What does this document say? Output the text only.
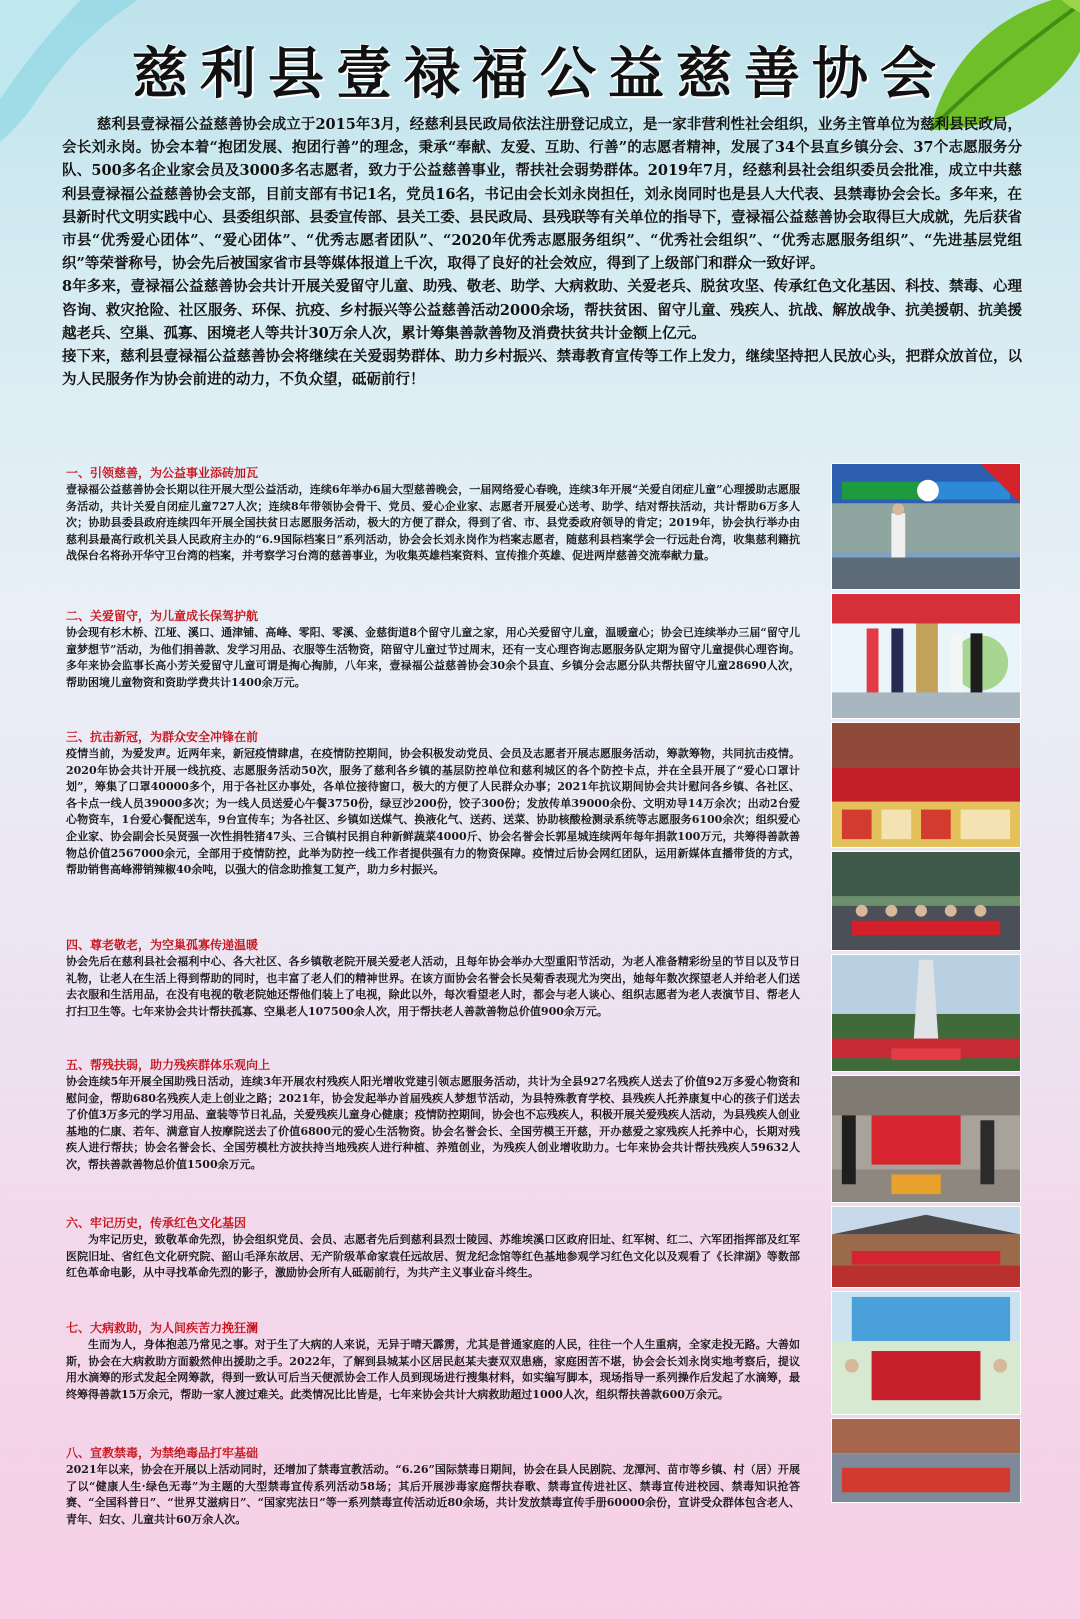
慈利县壹禄福公益慈善协会

慈利县壹禄福公益慈善协会成立于2015年3月，经慈利县民政局依法注册登记成立，是一家非营利性社会组织，业务主管单位为慈利县民政局，会长刘永岗。协会本着“抱团发展、抱团行善”的理念，秉承“奉献、友爱、互助、行善”的志愿者精神，发展了34个县直乡镇分会、37个志愿服务分队、500多名企业家会员及3000多名志愿者，致力于公益慈善事业，帮扶社会弱势群体。2019年7月，经慈利县社会组织委员会批准，成立中共慈利县壹禄福公益慈善协会支部，目前支部有书记1名，党员16名，书记由会长刘永岗担任，刘永岗同时也是县人大代表、县禁毒协会会长。多年来，在县新时代文明实践中心、县委组织部、县委宣传部、县关工委、县民政局、县残联等有关单位的指导下，壹禄福公益慈善协会取得巨大成就，先后获省市县“优秀爱心团体”、“爱心团体”、“优秀志愿者团队”、“2020年优秀志愿服务组织”、“优秀社会组织”、“优秀志愿服务组织”、“先进基层党组织”等荣誉称号，协会先后被国家省市县等媒体报道上千次，取得了良好的社会效应，得到了上级部门和群众一致好评。

8年多来，壹禄福公益慈善协会共计开展关爱留守儿童、助残、敬老、助学、大病救助、关爱老兵、脱贫攻坚、传承红色文化基因、科技、禁毒、心理咨询、救灾抢险、社区服务、环保、抗疫、乡村振兴等公益慈善活动2000余场，帮扶贫困、留守儿童、残疾人、抗战、解放战争、抗美援朝、抗美援越老兵、空巢、孤寡、困境老人等共计30万余人次，累计筹集善款善物及消费扶贫共计金额上亿元。

接下来，慈利县壹禄福公益慈善协会将继续在关爱弱势群体、助力乡村振兴、禁毒教育宣传等工作上发力，继续坚持把人民放心头，把群众放首位，以为人民服务作为协会前进的动力，不负众望，砥砺前行！

一、引领慈善，为公益事业添砖加瓦

壹禄福公益慈善协会长期以往开展大型公益活动，连续6年举办6届大型慈善晚会，一届网络爱心春晚，连续3年开展“关爱自闭症儿童”心理援助志愿服务活动，共计关爱自闭症儿童727人次；连续8年带领协会骨干、党员、爱心企业家、志愿者开展爱心送考、助学、结对帮扶活动，共计帮助6万多人次；协助县委县政府连续四年开展全国扶贫日志愿服务活动，极大的方便了群众，得到了省、市、县党委政府领导的肯定；2019年，协会执行举办由慈利县最高行政机关县人民政府主办的“6.9国际档案日”系列活动，协会会长刘永岗作为档案志愿者，随慈利县档案学会一行远赴台湾，收集慈利籍抗战保台名将孙开华守卫台湾的档案，并考察学习台湾的慈善事业，为收集英雄档案资料、宣传推介英雄、促进两岸慈善交流奉献力量。

二、关爱留守，为儿童成长保驾护航

协会现有杉木桥、江垭、溪口、通津铺、高峰、零阳、零溪、金慈街道8个留守儿童之家，用心关爱留守儿童，温暖童心；协会已连续举办三届“留守儿童梦想节”活动，为他们捐善款、发学习用品、衣服等生活物资，陪留守儿童过节过周末，还有一支心理咨询志愿服务队定期为留守儿童提供心理咨询。多年来协会监事长高小芳关爱留守儿童可谓是掏心掏肺，八年来，壹禄福公益慈善协会30余个县直、乡镇分会志愿分队共帮扶留守儿童28690人次，帮助困境儿童物资和资助学费共计1400余万元。

三、抗击新冠，为群众安全冲锋在前

疫情当前，为爱发声。近两年来，新冠疫情肆虐，在疫情防控期间，协会积极发动党员、会员及志愿者开展志愿服务活动，筹款筹物，共同抗击疫情。2020年协会共计开展一线抗疫、志愿服务活动50次，服务了慈利各乡镇的基层防控单位和慈利城区的各个防控卡点，并在全县开展了“爱心口罩计划”，筹集了口罩40000多个，用于各社区办事处，各单位接待窗口，极大的方便了人民群众办事；2021年抗议期间协会共计慰问各乡镇、各社区、各卡点一线人员39000多次；为一线人员送爱心午餐3750份，绿豆沙200份，饺子300份；发放传单39000余份、文明劝导14万余次；出动2台爱心物资车，1台爱心餐配送车，9台宣传车；为各社区、乡镇如送煤气、换液化气、送药、送菜、协助核酸检测录系统等志愿服务6100余次；组织爱心企业家、协会副会长吴贤强一次性捐牲猪47头、三合镇村民捐自种新鲜蔬菜4000斤、协会名誉会长郭星城连续两年每年捐款100万元，共筹得善款善物总价值2567000余元，全部用于疫情防控，此举为防控一线工作者提供强有力的物资保障。疫情过后协会网红团队，运用新媒体直播带货的方式，帮助销售高峰滞销辣椒40余吨，以强大的信念助推复工复产，助力乡村振兴。

四、尊老敬老，为空巢孤寡传递温暖

协会先后在慈利县社会福利中心、各大社区、各乡镇敬老院开展关爱老人活动，且每年协会举办大型重阳节活动，为老人准备精彩纷呈的节目以及节日礼物，让老人在生活上得到帮助的同时，也丰富了老人们的精神世界。在该方面协会名誉会长吴菊香表现尤为突出，她每年数次探望老人并给老人们送去衣服和生活用品，在没有电视的敬老院她还帮他们装上了电视，除此以外，每次看望老人时，都会与老人谈心、组织志愿者为老人表演节目、帮老人打扫卫生等。七年来协会共计帮扶孤寡、空巢老人107500余人次，用于帮扶老人善款善物总价值900余万元。

五、帮残扶弱，助力残疾群体乐观向上

协会连续5年开展全国助残日活动，连续3年开展农村残疾人阳光增收党建引领志愿服务活动，共计为全县927名残疾人送去了价值92万多爱心物资和慰问金，帮助680名残疾人走上创业之路；2021年，协会发起举办首届残疾人梦想节活动，为县特殊教育学校、县残疾人托养康复中心的孩子们送去了价值3万多元的学习用品、童装等节日礼品，关爱残疾儿童身心健康；疫情防控期间，协会也不忘残疾人，积极开展关爱残疾人活动，为县残疾人创业基地的仁康、若年、满意盲人按摩院送去了价值6800元的爱心生活物资。协会名誉会长、全国劳模王开慈，开办慈爱之家残疾人托养中心，长期对残疾人进行帮扶；协会名誉会长、全国劳模杜方波扶持当地残疾人进行种植、养殖创业，为残疾人创业增收助力。七年来协会共计帮扶残疾人59632人次，帮扶善款善物总价值1500余万元。

六、牢记历史，传承红色文化基因

为牢记历史，致敬革命先烈，协会组织党员、会员、志愿者先后到慈利县烈士陵园、苏维埃溪口区政府旧址、红军树、红二、六军团指挥部及红军医院旧址、省红色文化研究院、韶山毛泽东故居、无产阶级革命家袁任远故居、贺龙纪念馆等红色基地参观学习红色文化以及观看了《长津湖》等数部红色革命电影，从中寻找革命先烈的影子，激励协会所有人砥砺前行，为共产主义事业奋斗终生。

七、大病救助，为人间疾苦力挽狂澜

生而为人，身体抱恙乃常见之事。对于生了大病的人来说，无异于晴天霹雳，尤其是普通家庭的人民，往往一个人生重病，全家走投无路。大善如斯，协会在大病救助方面毅然伸出援助之手。2022年，了解到县城某小区居民赵某夫妻双双患癌，家庭困苦不堪，协会会长刘永岗实地考察后，提议用水滴筹的形式发起全网筹款，得到一致认可后当天便派协会工作人员到现场进行搜集材料，如实编写脚本，现场指导一系列操作后发起了水滴筹，最终筹得善款15万余元，帮助一家人渡过难关。此类情况比比皆是，七年来协会共计大病救助超过1000人次，组织帮扶善款600万余元。

八、宣教禁毒，为禁绝毒品打牢基础

2021年以来，协会在开展以上活动同时，还增加了禁毒宣教活动。“6.26”国际禁毒日期间，协会在县人民剧院、龙潭河、苗市等乡镇、村（居）开展了以“健康人生·绿色无毒”为主题的大型禁毒宣传系列活动58场；其后开展涉毒家庭帮扶春歌、禁毒宣传进社区、禁毒宣传进校园、禁毒知识抢答赛、“全国科普日”、“世界艾滋病日”、“国家宪法日”等一系列禁毒宣传活动近80余场，共计发放禁毒宣传手册60000余份，宣讲受众群体包含老人、青年、妇女、儿童共计60万余人次。
